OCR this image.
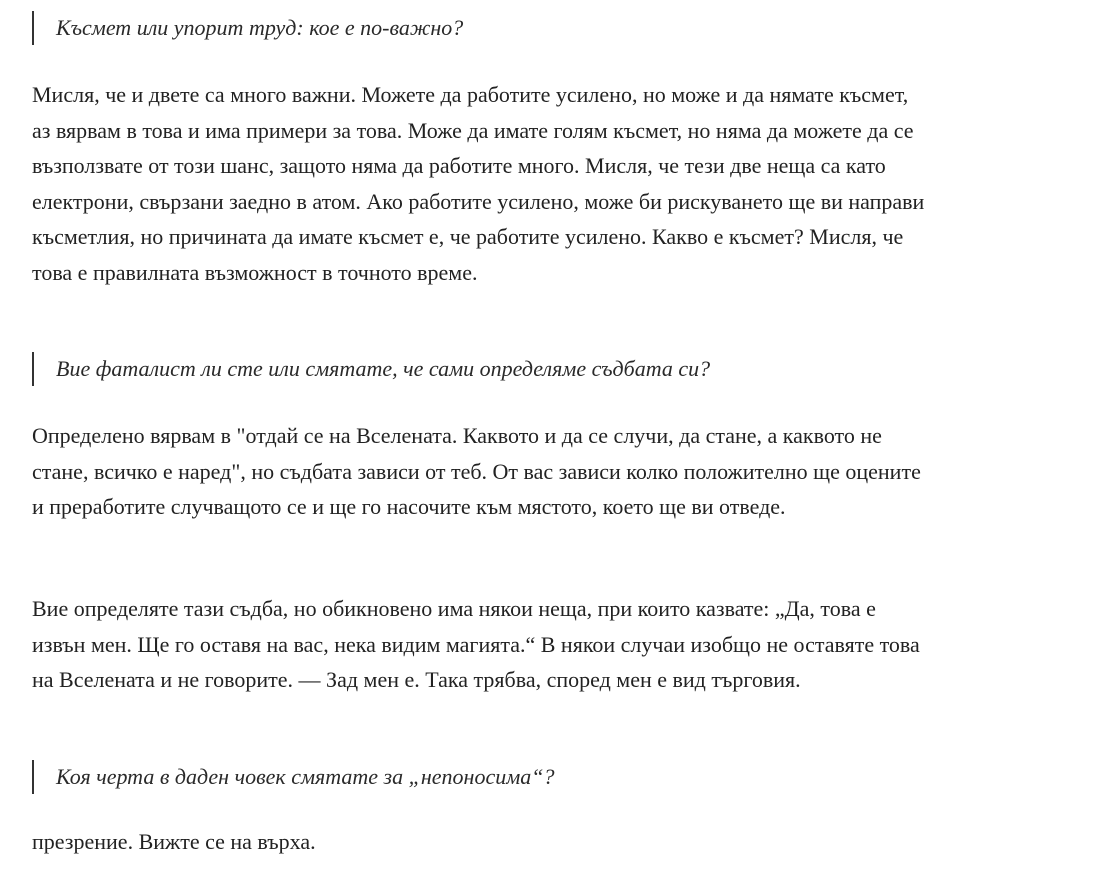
Късмет или упорит труд: кое е по-важно?

Мисля, че и двете са много важни. Можете да работите усилено, но може и да нямате късмет, аз вярвам в това и има примери за това. Може да имате голям късмет, но няма да можете да се възползвате от този шанс, защото няма да работите много. Мисля, че тези две неща са като електрони, свързани заедно в атом. Ако работите усилено, може би рискуването ще ви направи късметлия, но причината да имате късмет е, че работите усилено. Какво е късмет? Мисля, че това е правилната възможност в точното време.

Вие фаталист ли сте или смятате, че сами определяме съдбата си?

Определено вярвам в "отдай се на Вселената. Каквото и да се случи, да стане, а каквото не стане, всичко е наред", но съдбата зависи от теб. От вас зависи колко положително ще оцените и преработите случващото се и ще го насочите към мястото, което ще ви отведе.

Вие определяте тази съдба, но обикновено има някои неща, при които казвате: „Да, това е извън мен. Ще го оставя на вас, нека видим магията.“ В някои случаи изобщо не оставяте това на Вселената и не говорите. — Зад мен е. Така трябва, според мен е вид търговия.

Коя черта в даден човек смятате за „непоносима“?

презрение. Вижте се на върха.
